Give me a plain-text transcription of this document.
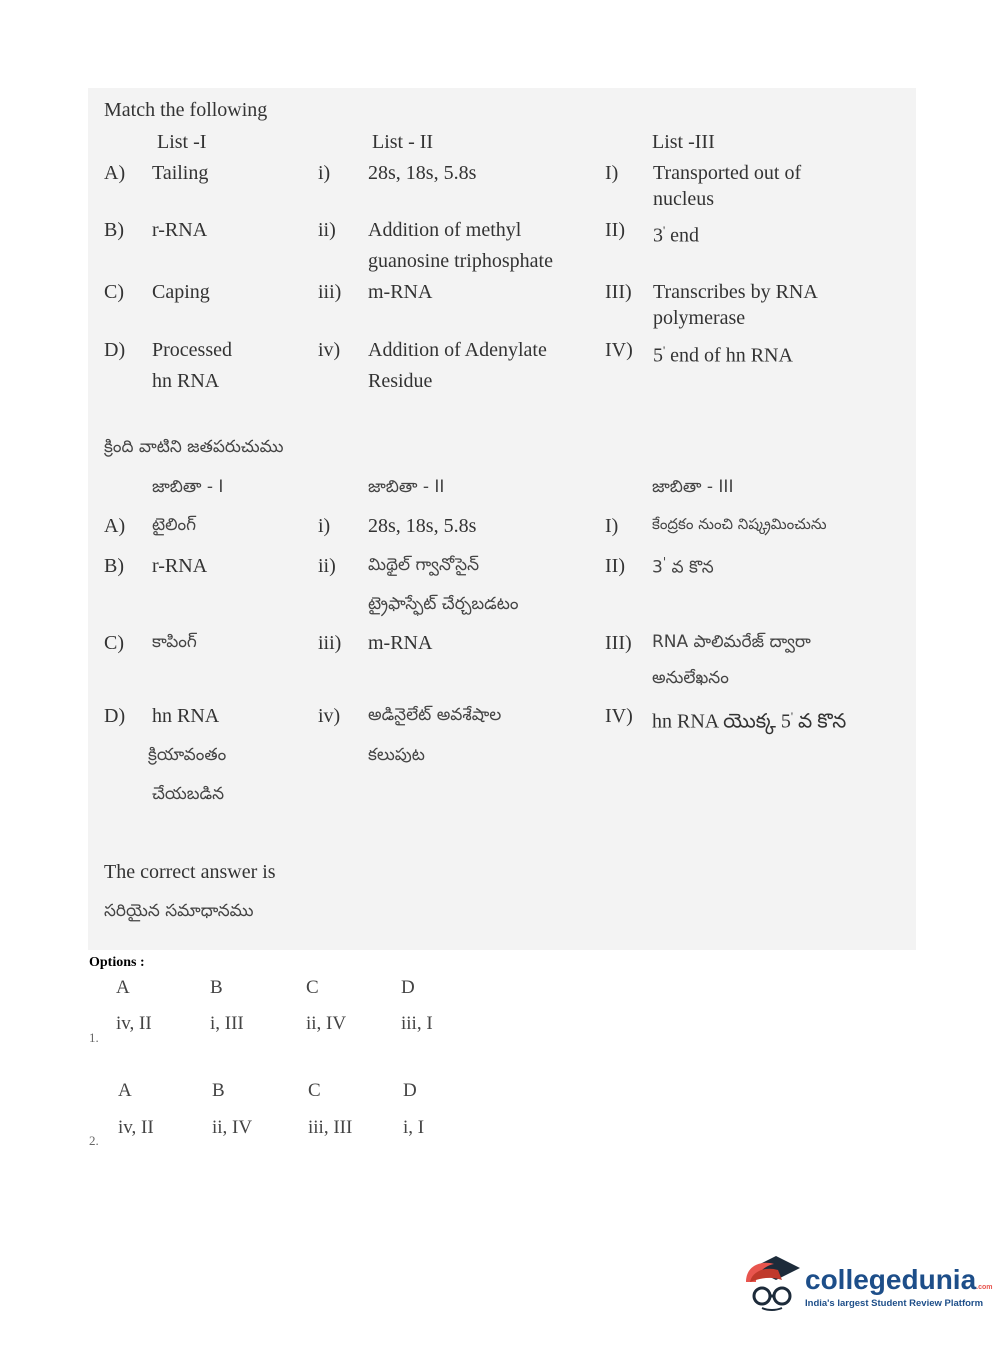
Match the following
List -I	List - II	List -III
A) Tailing	i) 28s, 18s, 5.8s	I) Transported out of
nucleus
B) r-RNA	ii) Addition of methyl
guanosine triphosphate
II) 3' end
C) Caping	iii) m-RNA	III) Transcribes by RNA
polymerase
D) Processed
hn RNA
iv) Addition of Adenylate
Residue
IV) 5' end of hn RNA
క్రింది వాటిని జతపరుచుము
జాబితా - I	జాబితా - II	జాబితా - III
A) టైలింగ్	i) 28s, 18s, 5.8s	I) కేంద్రకం నుంచి నిష్క్రమించును
B) r-RNA	ii) మిథైల్ గ్వానోసైన్
ట్రైఫాస్ఫేట్ చేర్చబడటం
II) 3' వ కొన
C) కాపింగ్	iii) m-RNA	III) RNA పాలిమరేజ్ ద్వారా
అనులేఖనం
D) hn RNA
క్రియావంతం
చేయబడిన
iv) అడినైలేట్ అవశేషాల
కలుపుట
IV) hn RNA యొక్క 5' వ కొన
The correct answer is
సరియైన సమాధానము
Options :
A	B	C	D
iv, II	i, III	ii, IV	iii, I
1.
A	B	C	D
iv, II	ii, IV	iii, III	i, I
2.
collegedunia.com
India's largest Student Review Platform
